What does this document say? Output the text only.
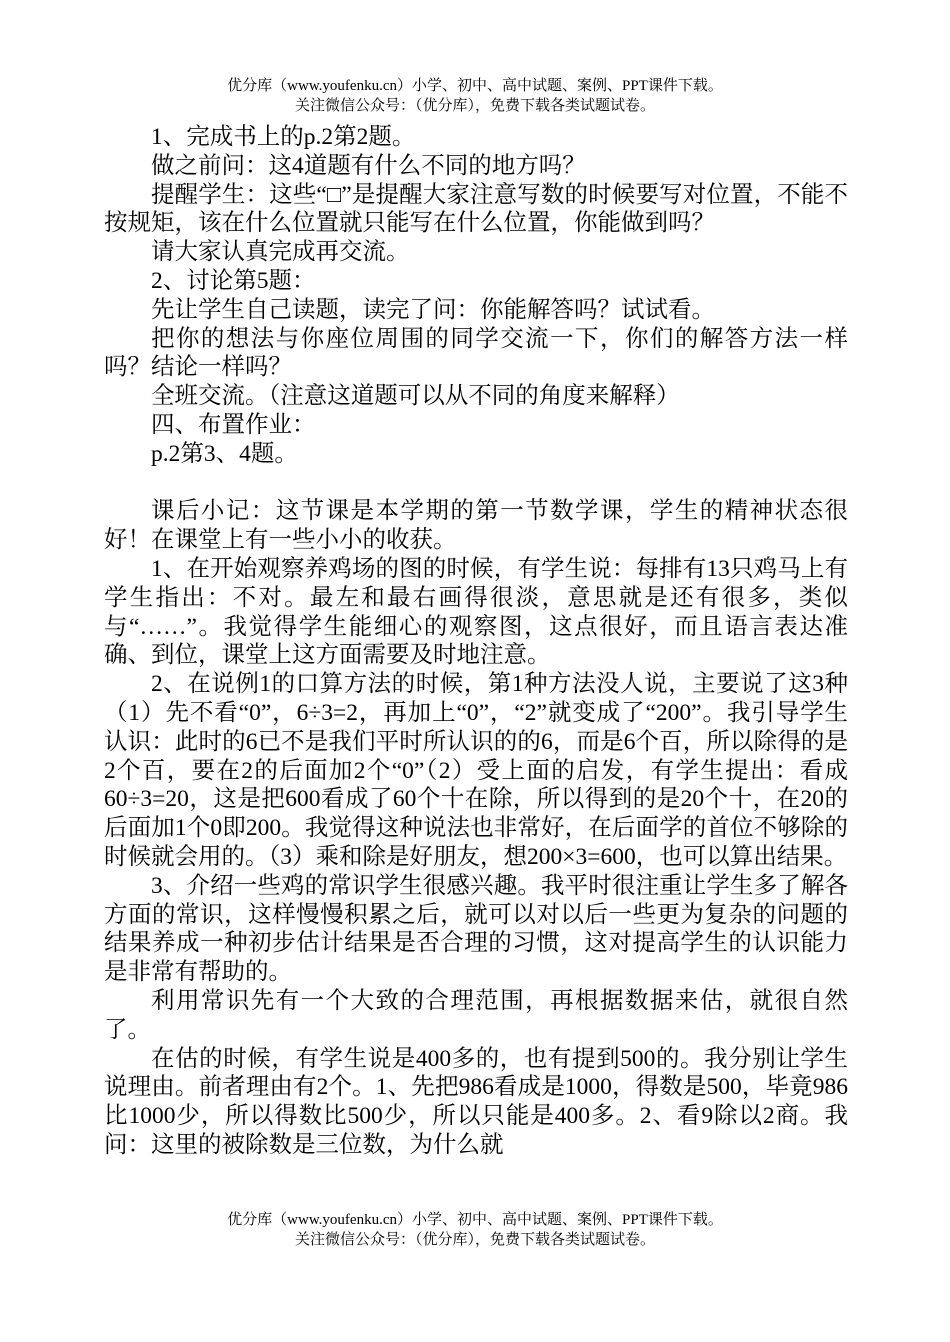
优分库（www.youfenku.cn）小学、初中、高中试题、案例、PPT课件下载。
关注微信公众号：（优分库），免费下载各类试题试卷。

1、完成书上的p.2第2题。

做之前问：这4道题有什么不同的地方吗？

提醒学生：这些“□”是提醒大家注意写数的时候要写对位置，不能不按规矩，该在什么位置就只能写在什么位置，你能做到吗？

请大家认真完成再交流。

2、讨论第5题：

先让学生自己读题，读完了问：你能解答吗？试试看。

把你的想法与你座位周围的同学交流一下，你们的解答方法一样吗？结论一样吗？

全班交流。（注意这道题可以从不同的角度来解释）

四、布置作业：

p.2第3、4题。

课后小记：这节课是本学期的第一节数学课，学生的精神状态很好！在课堂上有一些小小的收获。

1、在开始观察养鸡场的图的时候，有学生说：每排有13只鸡马上有学生指出：不对。最左和最右画得很淡，意思就是还有很多，类似与“……”。我觉得学生能细心的观察图，这点很好，而且语言表达准确、到位，课堂上这方面需要及时地注意。

2、在说例1的口算方法的时候，第1种方法没人说，主要说了这3种（1）先不看“0”，6÷3=2，再加上“0”，“2”就变成了“200”。我引导学生认识：此时的6已不是我们平时所认识的的6，而是6个百，所以除得的是2个百，要在2的后面加2个“0”（2）受上面的启发，有学生提出：看成60÷3=20，这是把600看成了60个十在除，所以得到的是20个十，在20的后面加1个0即200。我觉得这种说法也非常好，在后面学的首位不够除的时候就会用的。（3）乘和除是好朋友，想200×3=600，也可以算出结果。

3、介绍一些鸡的常识学生很感兴趣。我平时很注重让学生多了解各方面的常识，这样慢慢积累之后，就可以对以后一些更为复杂的问题的结果养成一种初步估计结果是否合理的习惯，这对提高学生的认识能力是非常有帮助的。

利用常识先有一个大致的合理范围，再根据数据来估，就很自然了。

在估的时候，有学生说是400多的，也有提到500的。我分别让学生说理由。前者理由有2个。1、先把986看成是1000，得数是500，毕竟986比1000少，所以得数比500少，所以只能是400多。2、看9除以2商。我问：这里的被除数是三位数，为什么就

优分库（www.youfenku.cn）小学、初中、高中试题、案例、PPT课件下载。
关注微信公众号：（优分库），免费下载各类试题试卷。
